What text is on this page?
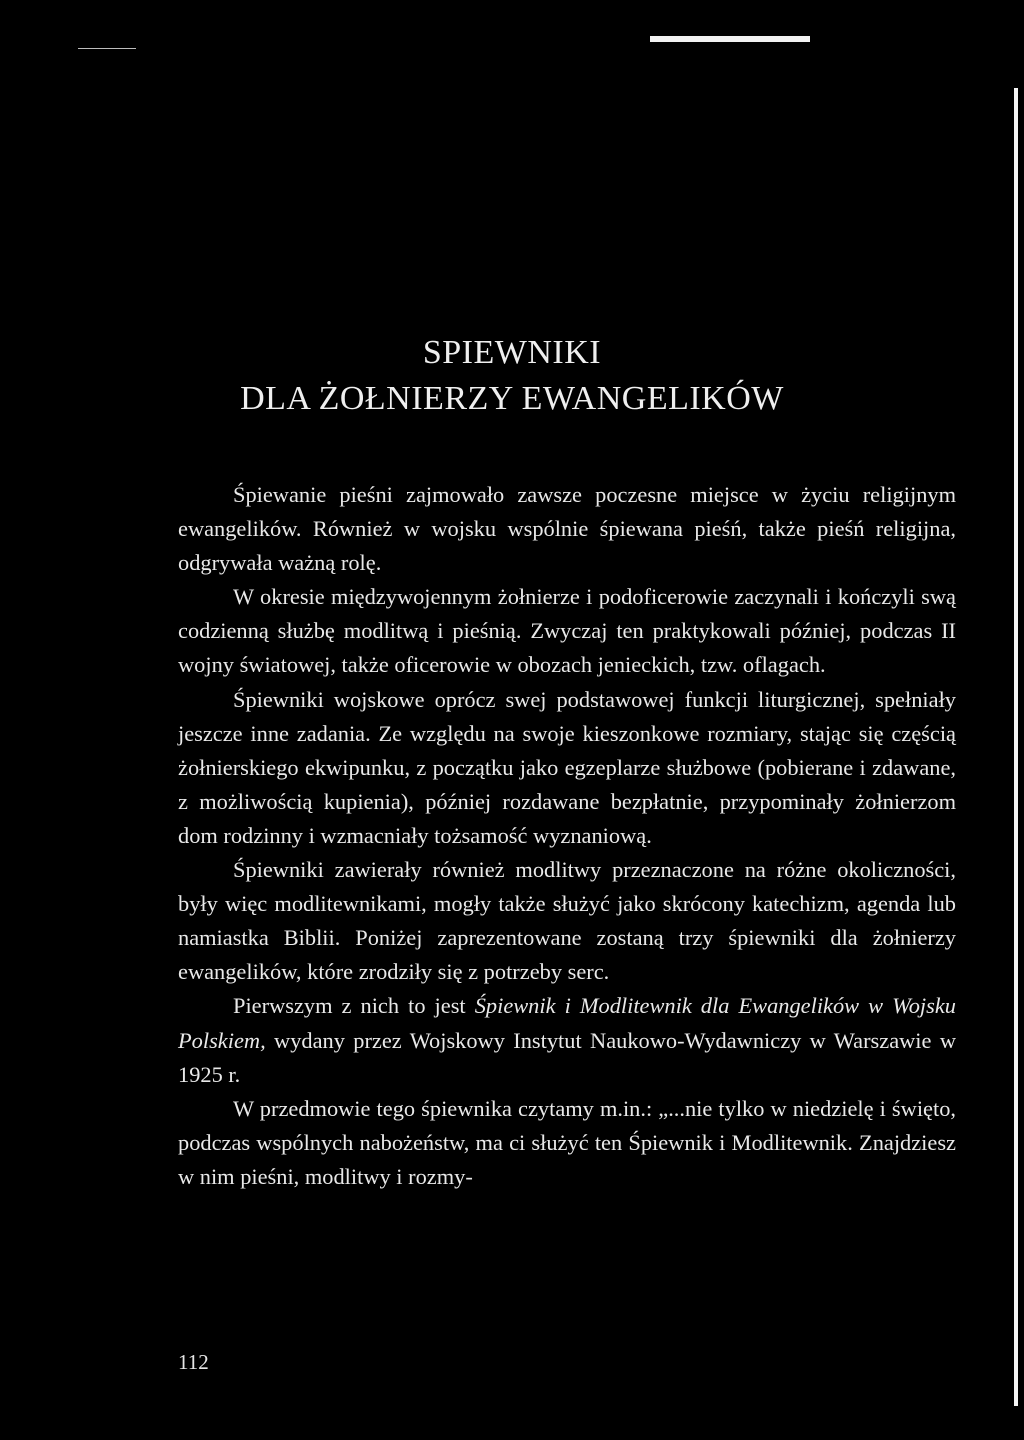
SPIEWNIKI
DLA ŻOŁNIERZY EWANGELIKÓW

Śpiewanie pieśni zajmowało zawsze poczesne miejsce w życiu religijnym ewangelików. Również w wojsku wspólnie śpiewana pieśń, także pieśń religijna, odgrywała ważną rolę.

W okresie międzywojennym żołnierze i podoficerowie zaczynali i kończyli swą codzienną służbę modlitwą i pieśnią. Zwyczaj ten praktykowali później, podczas II wojny światowej, także oficerowie w obozach jenieckich, tzw. oflagach.

Śpiewniki wojskowe oprócz swej podstawowej funkcji liturgicznej, spełniały jeszcze inne zadania. Ze względu na swoje kieszonkowe rozmiary, stając się częścią żołnierskiego ekwipunku, z początku jako egzeplarze służbowe (pobierane i zdawane, z możliwością kupienia), później rozdawane bezpłatnie, przypominały żołnierzom dom rodzinny i wzmacniały tożsamość wyznaniową.

Śpiewniki zawierały również modlitwy przeznaczone na różne okoliczności, były więc modlitewnikami, mogły także służyć jako skrócony katechizm, agenda lub namiastka Biblii. Poniżej zaprezentowane zostaną trzy śpiewniki dla żołnierzy ewangelików, które zrodziły się z potrzeby serc.

Pierwszym z nich to jest Śpiewnik i Modlitewnik dla Ewangelików w Wojsku Polskiem, wydany przez Wojskowy Instytut Naukowo-Wydawniczy w Warszawie w 1925 r.

W przedmowie tego śpiewnika czytamy m.in.: „...nie tylko w niedzielę i święto, podczas wspólnych nabożeństw, ma ci służyć ten Śpiewnik i Modlitewnik. Znajdziesz w nim pieśni, modlitwy i rozmy-

112
